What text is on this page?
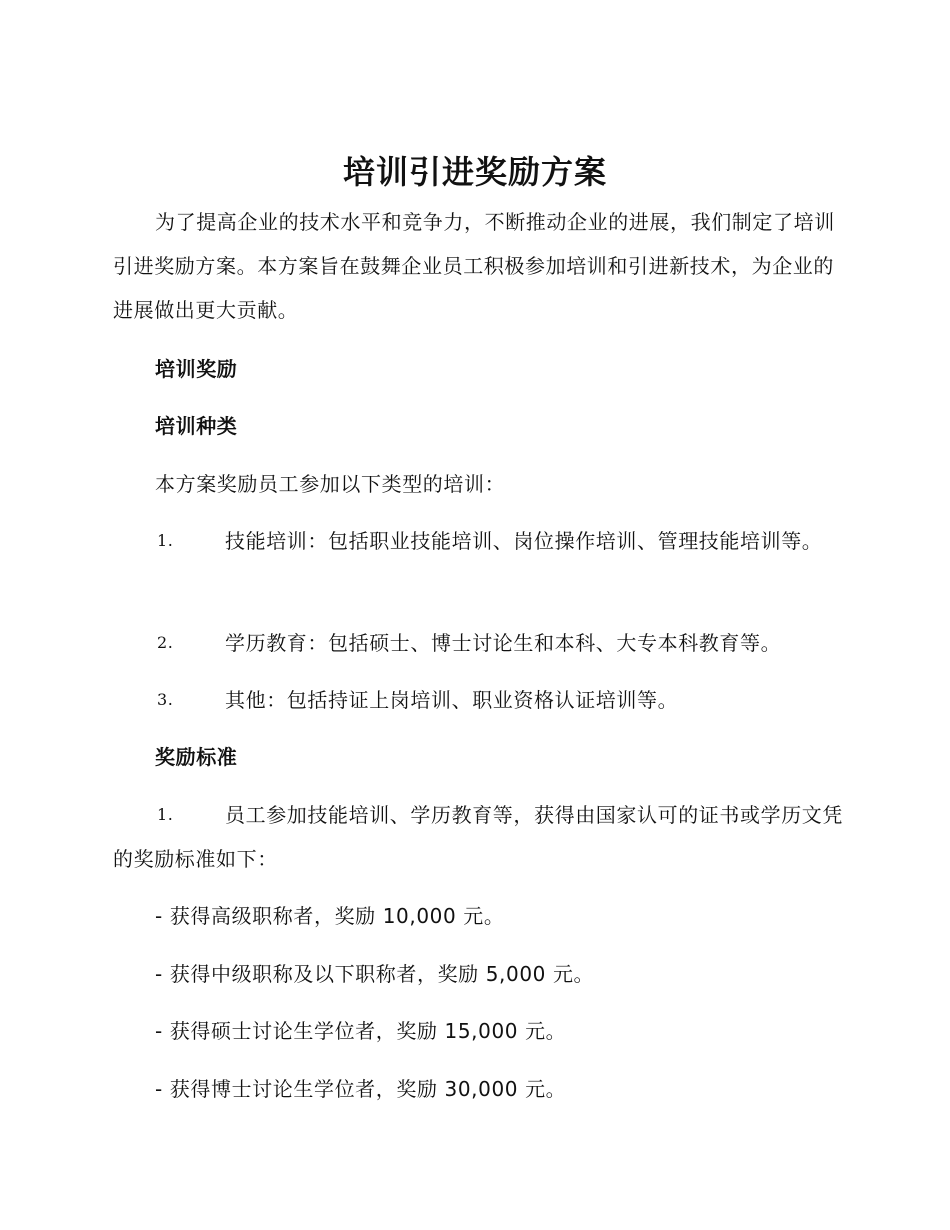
培训引进奖励方案

为了提高企业的技术水平和竞争力，不断推动企业的进展，我们制定了培训引进奖励方案。本方案旨在鼓舞企业员工积极参加培训和引进新技术，为企业的进展做出更大贡献。

培训奖励

培训种类

本方案奖励员工参加以下类型的培训：

1.	技能培训：包括职业技能培训、岗位操作培训、管理技能培训等。
2.	学历教育：包括硕士、博士讨论生和本科、大专本科教育等。
3.	其他：包括持证上岗培训、职业资格认证培训等。

奖励标准

1.	员工参加技能培训、学历教育等，获得由国家认可的证书或学历文凭的奖励标准如下：

- 获得高级职称者，奖励 10,000 元。

- 获得中级职称及以下职称者，奖励 5,000 元。

- 获得硕士讨论生学位者，奖励 15,000 元。

- 获得博士讨论生学位者，奖励 30,000 元。
